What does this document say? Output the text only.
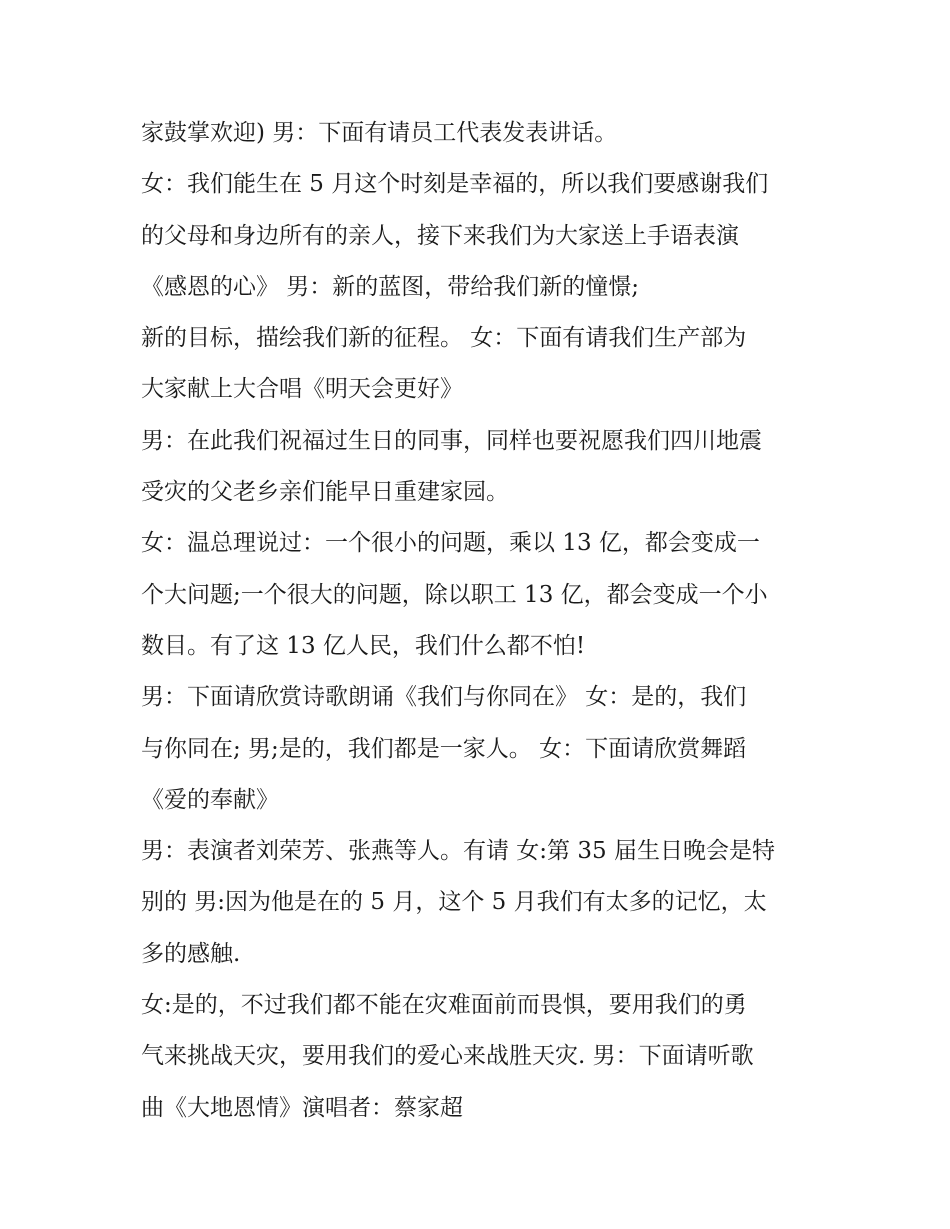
家鼓掌欢迎) 男：下面有请员工代表发表讲话。
女：我们能生在 5 月这个时刻是幸福的，所以我们要感谢我们
的父母和身边所有的亲人，接下来我们为大家送上手语表演
《感恩的心》 男：新的蓝图，带给我们新的憧憬;
新的目标，描绘我们新的征程。 女：下面有请我们生产部为
大家献上大合唱《明天会更好》
男：在此我们祝福过生日的同事，同样也要祝愿我们四川地震
受灾的父老乡亲们能早日重建家园。
女：温总理说过：一个很小的问题，乘以 13 亿，都会变成一
个大问题;一个很大的问题，除以职工 13 亿，都会变成一个小
数目。有了这 13 亿人民，我们什么都不怕!
男：下面请欣赏诗歌朗诵《我们与你同在》 女：是的，我们
与你同在; 男;是的，我们都是一家人。 女：下面请欣赏舞蹈
《爱的奉献》
男：表演者刘荣芳、张燕等人。有请 女:第 35 届生日晚会是特
别的 男:因为他是在的 5 月，这个 5 月我们有太多的记忆，太
多的感触.
女:是的，不过我们都不能在灾难面前而畏惧，要用我们的勇
气来挑战天灾，要用我们的爱心来战胜天灾. 男：下面请听歌
曲《大地恩情》演唱者：蔡家超
